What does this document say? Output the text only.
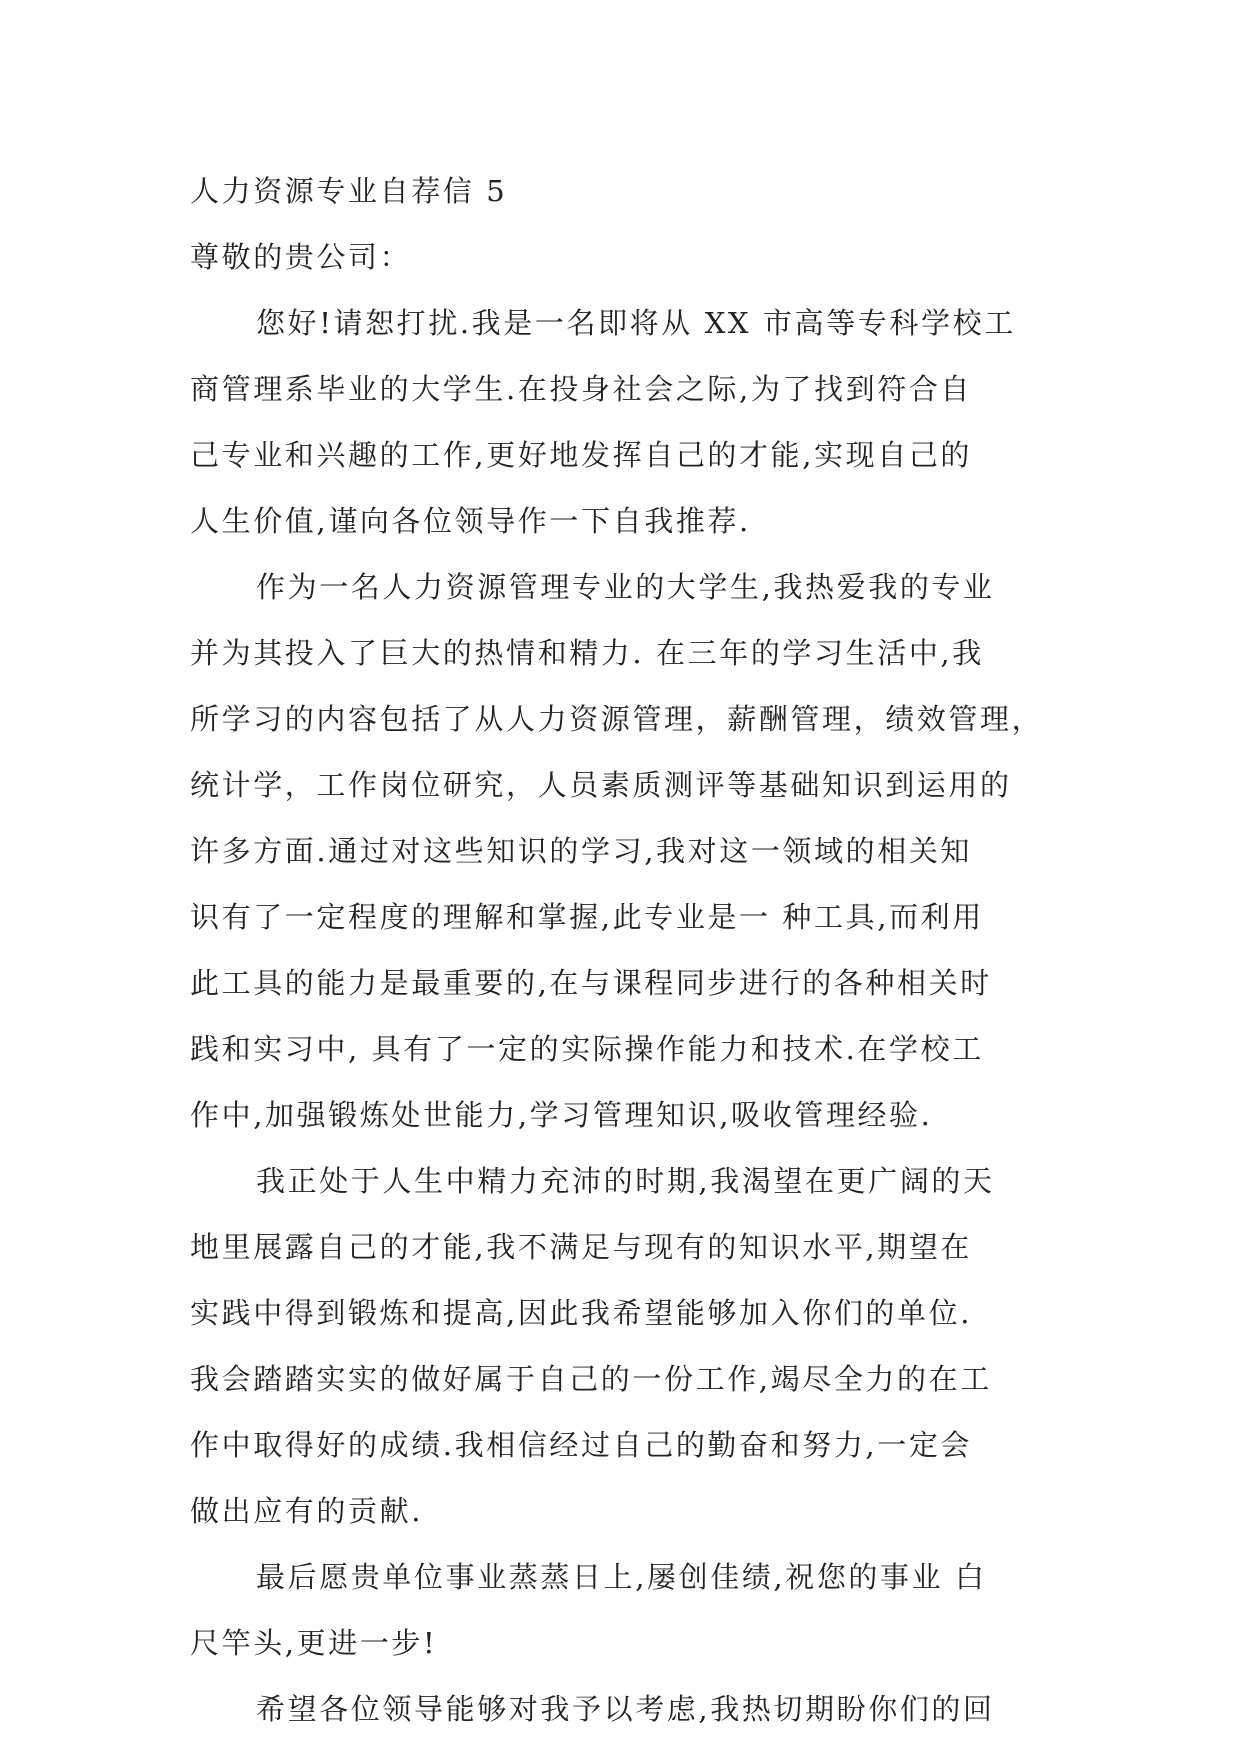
人力资源专业自荐信 5
尊敬的贵公司：
您好!请恕打扰.我是一名即将从 XX 市高等专科学校工
商管理系毕业的大学生.在投身社会之际,为了找到符合自
己专业和兴趣的工作,更好地发挥自己的才能,实现自己的
人生价值,谨向各位领导作一下自我推荐.
作为一名人力资源管理专业的大学生,我热爱我的专业
并为其投入了巨大的热情和精力. 在三年的学习生活中,我
所学习的内容包括了从人力资源管理，薪酬管理，绩效管理，
统计学，工作岗位研究，人员素质测评等基础知识到运用的
许多方面.通过对这些知识的学习,我对这一领域的相关知
识有了一定程度的理解和掌握,此专业是一 种工具,而利用
此工具的能力是最重要的,在与课程同步进行的各种相关时
践和实习中, 具有了一定的实际操作能力和技术.在学校工
作中,加强锻炼处世能力,学习管理知识,吸收管理经验.
我正处于人生中精力充沛的时期,我渴望在更广阔的天
地里展露自己的才能,我不满足与现有的知识水平,期望在
实践中得到锻炼和提高,因此我希望能够加入你们的单位.
我会踏踏实实的做好属于自己的一份工作,竭尽全力的在工
作中取得好的成绩.我相信经过自己的勤奋和努力,一定会
做出应有的贡献.
最后愿贵单位事业蒸蒸日上,屡创佳绩,祝您的事业 白
尺竿头,更进一步!
希望各位领导能够对我予以考虑,我热切期盼你们的回
